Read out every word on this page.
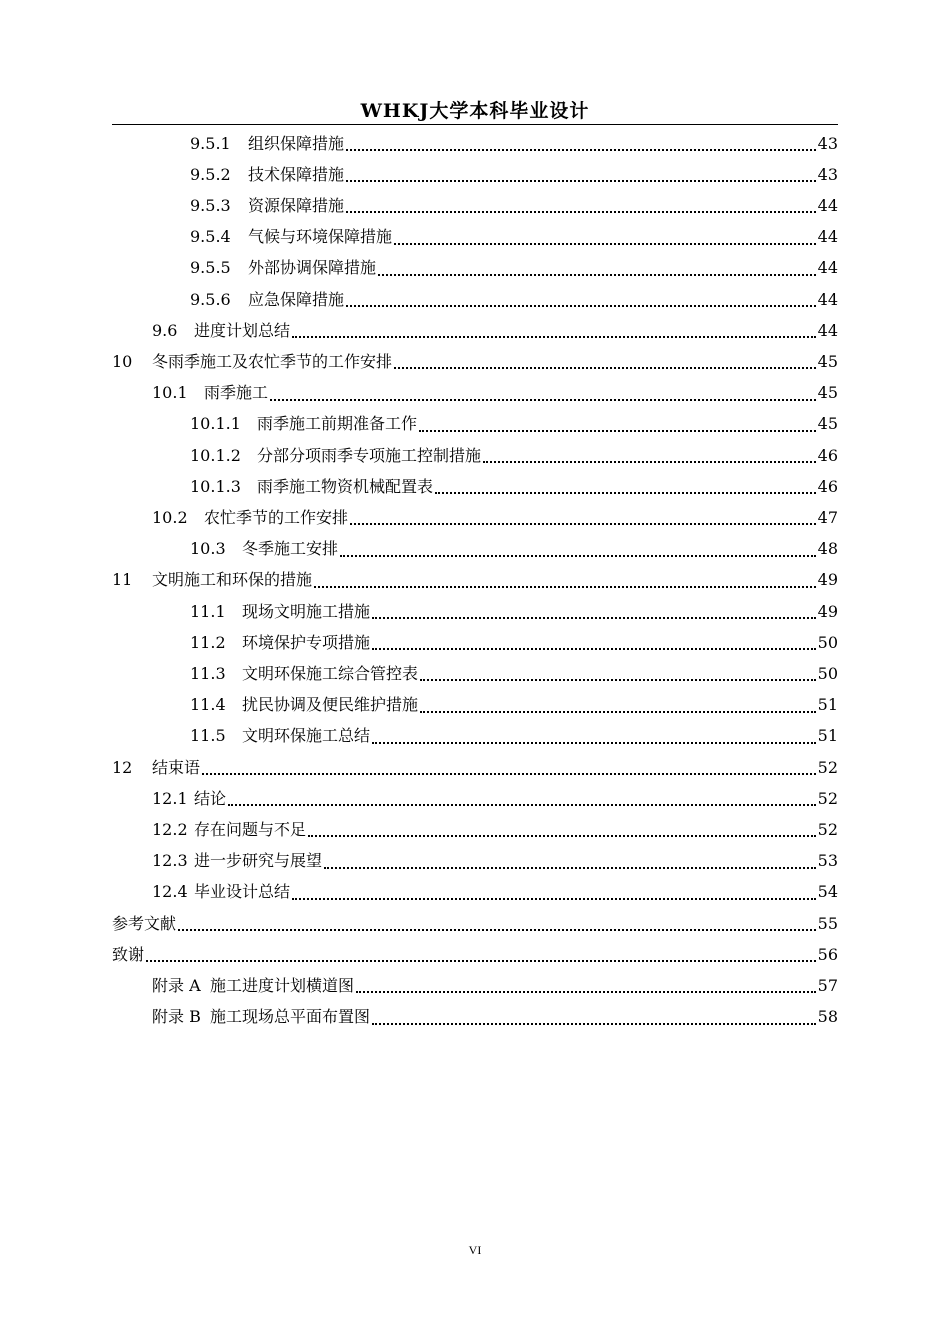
WHKJ大学本科毕业设计
9.5.1	组织保障措施	43
9.5.2	技术保障措施	43
9.5.3	资源保障措施	44
9.5.4	气候与环境保障措施	44
9.5.5	外部协调保障措施	44
9.5.6	应急保障措施	44
9.6	进度计划总结	44
10	冬雨季施工及农忙季节的工作安排	45
10.1	雨季施工	45
10.1.1	雨季施工前期准备工作	45
10.1.2	分部分项雨季专项施工控制措施	46
10.1.3	雨季施工物资机械配置表	46
10.2	农忙季节的工作安排	47
10.3	冬季施工安排	48
11	文明施工和环保的措施	49
11.1	现场文明施工措施	49
11.2	环境保护专项措施	50
11.3	文明环保施工综合管控表	50
11.4	扰民协调及便民维护措施	51
11.5	文明环保施工总结	51
12	结束语	52
12.1 结论	52
12.2 存在问题与不足	52
12.3 进一步研究与展望	53
12.4 毕业设计总结	54
参考文献	55
致谢	56
附录 A 施工进度计划横道图	57
附录 B 施工现场总平面布置图	58
VI
